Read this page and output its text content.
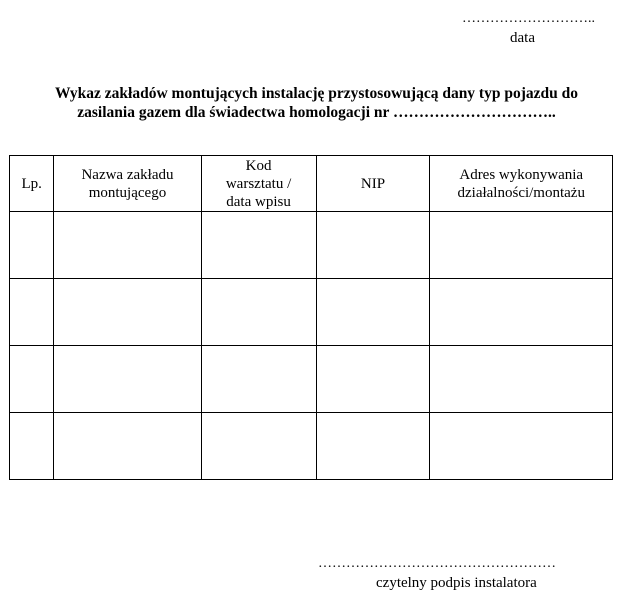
………………………..
data
Wykaz zakładów montujących instalację przystosowującą dany typ pojazdu do
zasilania gazem dla świadectwa homologacji nr …………………………..
Lp.	Nazwa zakładu montującego	Kod warsztatu / data wpisu	NIP	Adres wykonywania działalności/montażu

……………………………………………
czytelny podpis instalatora
